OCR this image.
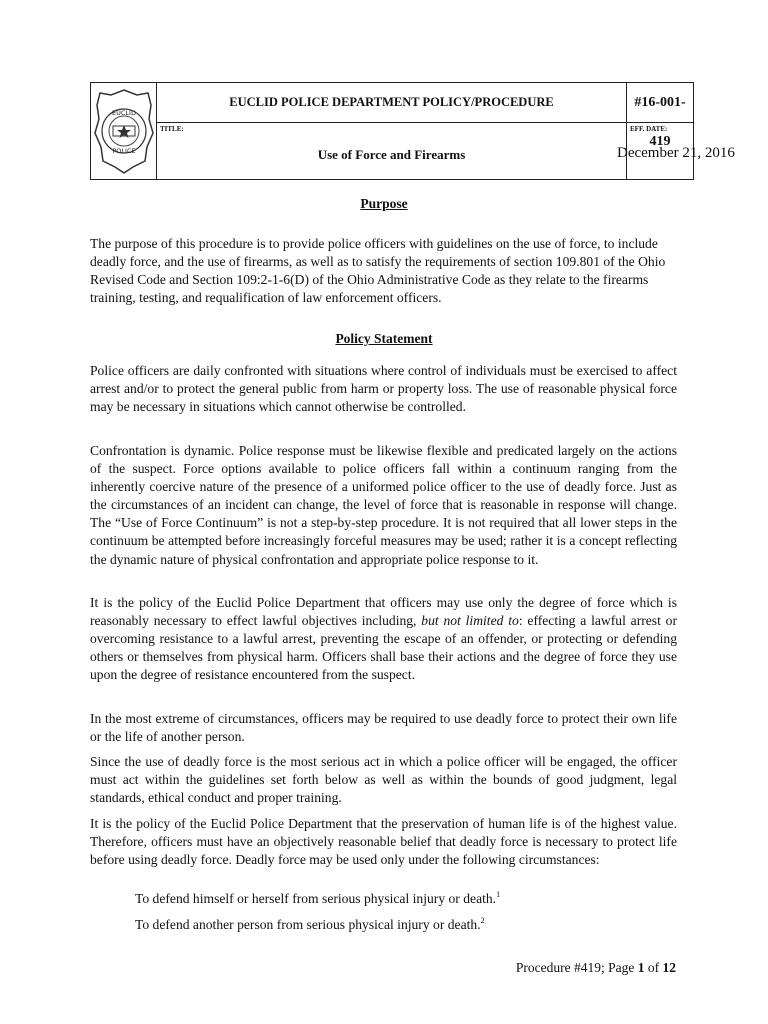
EUCLID
POLICE
EUCLID POLICE DEPARTMENT POLICY/PROCEDURE	#16-001-419
TITLE:
Use of Force and Firearms
EFF. DATE:
December 21, 2016
Purpose

The purpose of this procedure is to provide police officers with guidelines on the use of force, to include deadly force, and the use of firearms, as well as to satisfy the requirements of section 109.801 of the Ohio Revised Code and Section 109:2-1-6(D) of the Ohio Administrative Code as they relate to the firearms training, testing, and requalification of law enforcement officers.

Policy Statement

Police officers are daily confronted with situations where control of individuals must be exercised to affect arrest and/or to protect the general public from harm or property loss. The use of reasonable physical force may be necessary in situations which cannot otherwise be controlled.

Confrontation is dynamic. Police response must be likewise flexible and predicated largely on the actions of the suspect. Force options available to police officers fall within a continuum ranging from the inherently coercive nature of the presence of a uniformed police officer to the use of deadly force. Just as the circumstances of an incident can change, the level of force that is reasonable in response will change. The “Use of Force Continuum” is not a step-by-step procedure. It is not required that all lower steps in the continuum be attempted before increasingly forceful measures may be used; rather it is a concept reflecting the dynamic nature of physical confrontation and appropriate police response to it.

It is the policy of the Euclid Police Department that officers may use only the degree of force which is reasonably necessary to effect lawful objectives including, but not limited to: effecting a lawful arrest or overcoming resistance to a lawful arrest, preventing the escape of an offender, or protecting or defending others or themselves from physical harm. Officers shall base their actions and the degree of force they use upon the degree of resistance encountered from the suspect.

In the most extreme of circumstances, officers may be required to use deadly force to protect their own life or the life of another person.

Since the use of deadly force is the most serious act in which a police officer will be engaged, the officer must act within the guidelines set forth below as well as within the bounds of good judgment, legal standards, ethical conduct and proper training.

It is the policy of the Euclid Police Department that the preservation of human life is of the highest value. Therefore, officers must have an objectively reasonable belief that deadly force is necessary to protect life before using deadly force. Deadly force may be used only under the following circumstances:

To defend himself or herself from serious physical injury or death.$^1$

To defend another person from serious physical injury or death.$^2$

Procedure #419; Page 1 of 12
